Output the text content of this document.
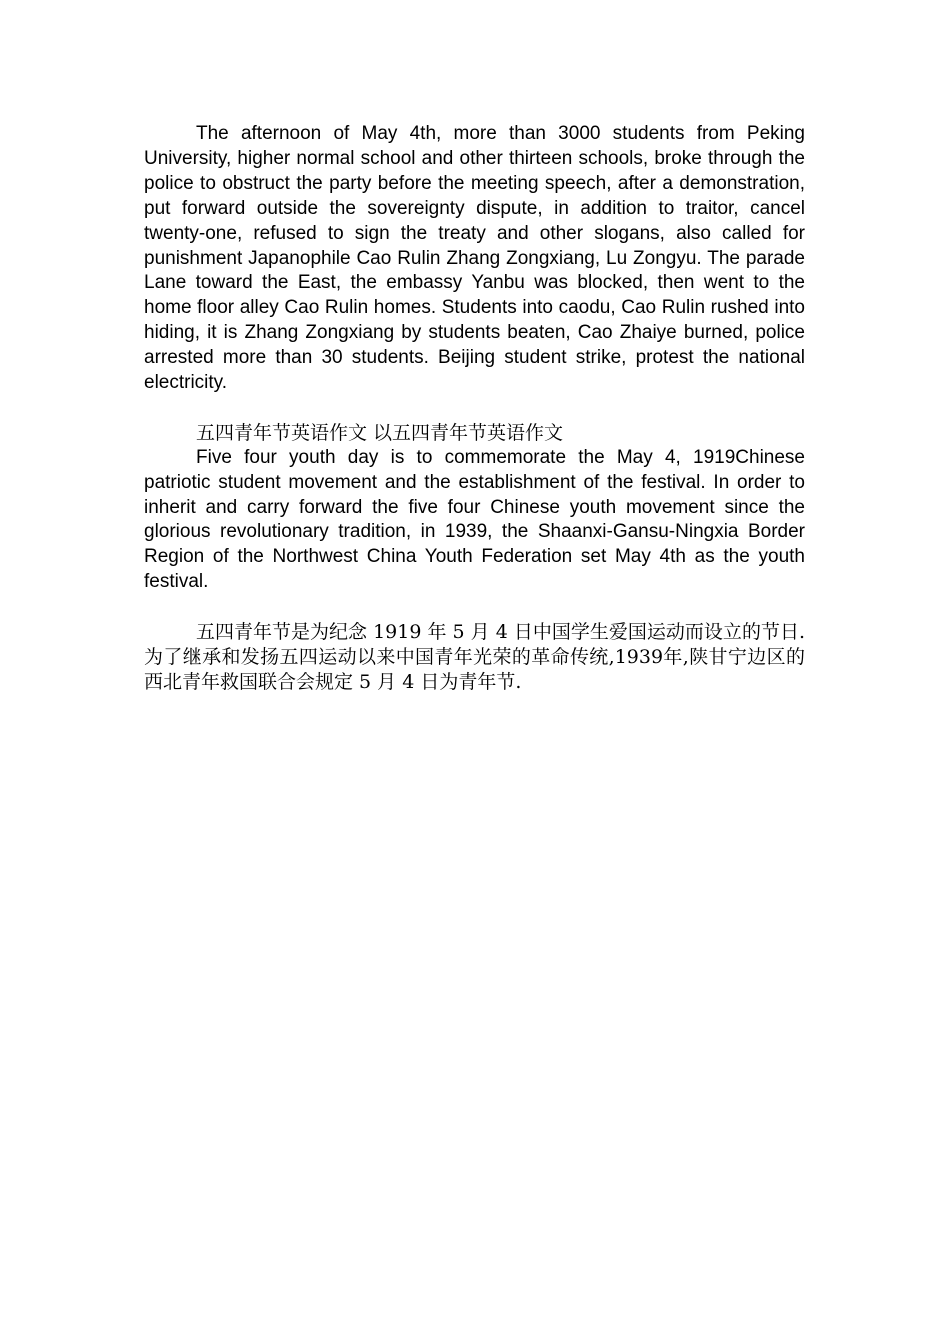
The afternoon of May 4th, more than 3000 students from Peking University, higher normal school and other thirteen schools, broke through the police to obstruct the party before the meeting speech, after a demonstration, put forward outside the sovereignty dispute, in addition to traitor, cancel twenty-one, refused to sign the treaty and other slogans, also called for punishment Japanophile Cao Rulin Zhang Zongxiang, Lu Zongyu. The parade Lane toward the East, the embassy Yanbu was blocked, then went to the home floor alley Cao Rulin homes. Students into caodu, Cao Rulin rushed into hiding, it is Zhang Zongxiang by students beaten, Cao Zhaiye burned, police arrested more than 30 students. Beijing student strike, protest the national electricity.

五四青年节英语作文 以五四青年节英语作文

Five four youth day is to commemorate the May 4, 1919Chinese patriotic student movement and the establishment of the festival. In order to inherit and carry forward the five four Chinese youth movement since the glorious revolutionary tradition, in 1939, the Shaanxi-Gansu-Ningxia Border Region of the Northwest China Youth Federation set May 4th as the youth festival.

五四青年节是为纪念 1919 年 5 月 4 日中国学生爱国运动而设立的节日.为了继承和发扬五四运动以来中国青年光荣的革命传统,1939年,陕甘宁边区的西北青年救国联合会规定 5 月 4 日为青年节.
